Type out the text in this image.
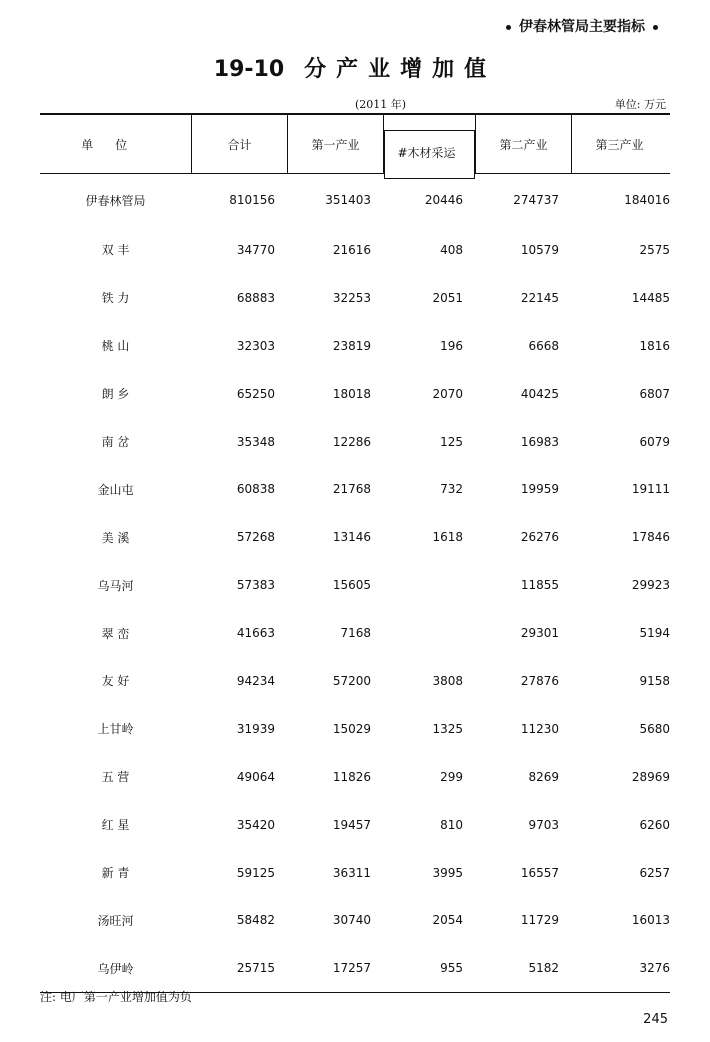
伊春林管局主要指标
19-10 分产业增加值
(2011 年)	单位: 万元
单位	合计	第一产业	#木材采运	第二产业	第三产业
伊春林管局	810156	351403	20446	274737	184016
双 丰	34770	21616	408	10579	2575
铁 力	68883	32253	2051	22145	14485
桃 山	32303	23819	196	6668	1816
朗 乡	65250	18018	2070	40425	6807
南 岔	35348	12286	125	16983	6079
金山屯	60838	21768	732	19959	19111
美 溪	57268	13146	1618	26276	17846
乌马河	57383	15605		11855	29923
翠 峦	41663	7168		29301	5194
友 好	94234	57200	3808	27876	9158
上甘岭	31939	15029	1325	11230	5680
五 营	49064	11826	299	8269	28969
红 星	35420	19457	810	9703	6260
新 青	59125	36311	3995	16557	6257
汤旺河	58482	30740	2054	11729	16013
乌伊岭	25715	17257	955	5182	3276
注: 电厂第一产业增加值为负
245
